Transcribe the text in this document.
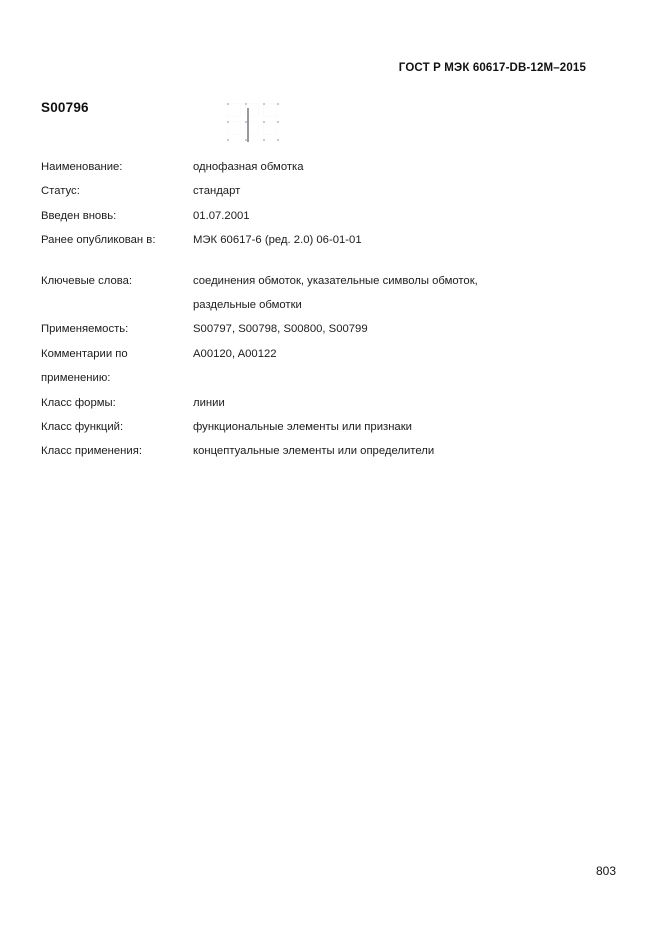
ГОСТ Р МЭК 60617-DB-12M–2015
S00796
Наименование:	однофазная обмотка
Статус:	стандарт
Введен вновь:	01.07.2001
Ранее опубликован в:	МЭК 60617-6 (ред. 2.0) 06-01-01
Ключевые слова:	соединения обмоток, указательные символы обмоток,
раздельные обмотки
Применяемость:	S00797, S00798, S00800, S00799
Комментарии по
применению:
A00120, A00122
Класс формы:	линии
Класс функций:	функциональные элементы или признаки
Класс применения:	концептуальные элементы или определители
803
